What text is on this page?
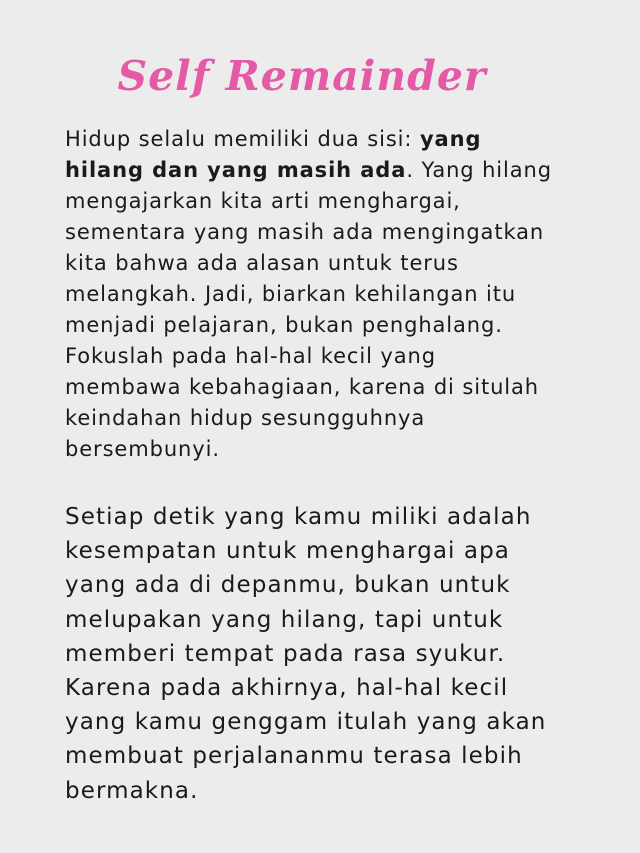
Self Remainder
Hidup selalu memiliki dua sisi: yang
hilang dan yang masih ada. Yang hilang
mengajarkan kita arti menghargai,
sementara yang masih ada mengingatkan
kita bahwa ada alasan untuk terus
melangkah. Jadi, biarkan kehilangan itu
menjadi pelajaran, bukan penghalang.
Fokuslah pada hal-hal kecil yang
membawa kebahagiaan, karena di situlah
keindahan hidup sesungguhnya
bersembunyi.
Setiap detik yang kamu miliki adalah
kesempatan untuk menghargai apa
yang ada di depanmu, bukan untuk
melupakan yang hilang, tapi untuk
memberi tempat pada rasa syukur.
Karena pada akhirnya, hal-hal kecil
yang kamu genggam itulah yang akan
membuat perjalananmu terasa lebih
bermakna.
